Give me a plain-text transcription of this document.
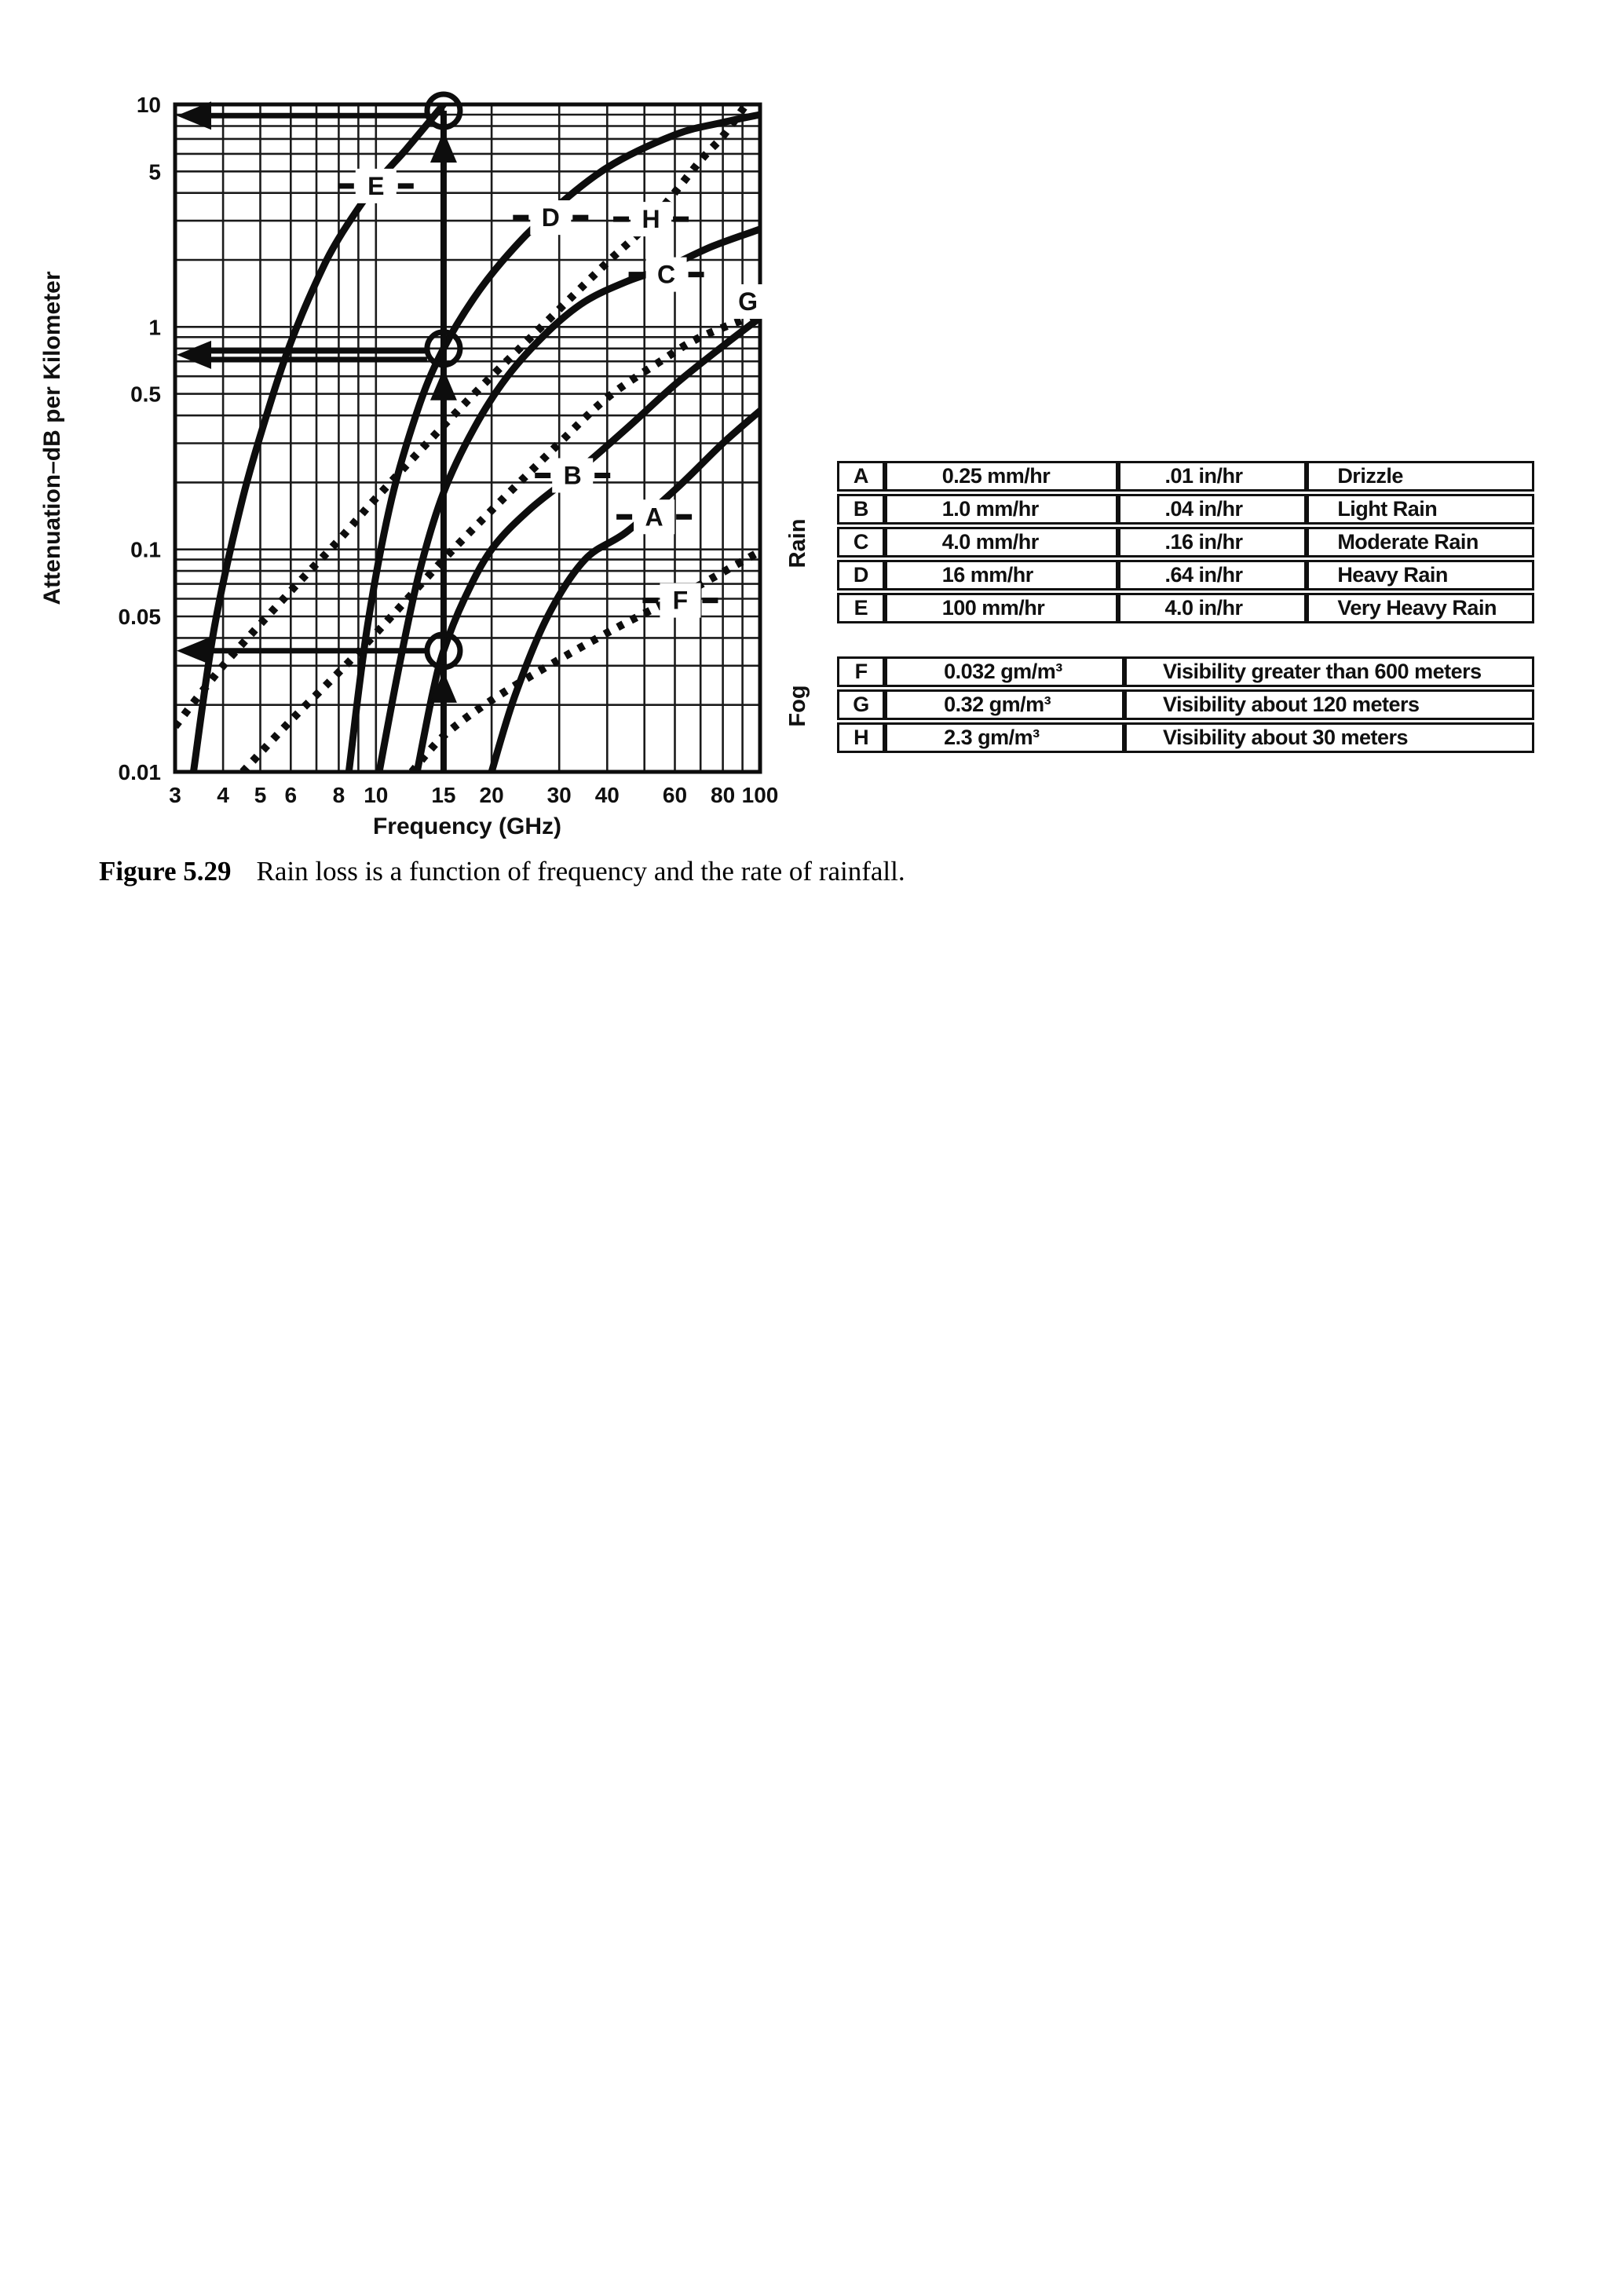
3 4 5 6 8 10 15 20 30 40 60 80 100
10
5
1
0.5
0.1
0.05
0.01
A
B
C
D
E
F
G
H
Frequency (GHz)
Attenuation–dB per Kilometer	Rain
A	0.25 mm/hr	.01 in/hr	Drizzle
B	1.0 mm/hr	.04 in/hr	Light Rain
C	4.0 mm/hr	.16 in/hr	Moderate Rain
D	16 mm/hr	.64 in/hr	Heavy Rain
E	100 mm/hr	4.0 in/hr	Very Heavy Rain
Fog
F	0.032 gm/m³	Visibility greater than 600 meters
G	0.32 gm/m³	Visibility about 120 meters
H	2.3 gm/m³	Visibility about 30 meters

Figure 5.29 Rain loss is a function of frequency and the rate of rainfall.
